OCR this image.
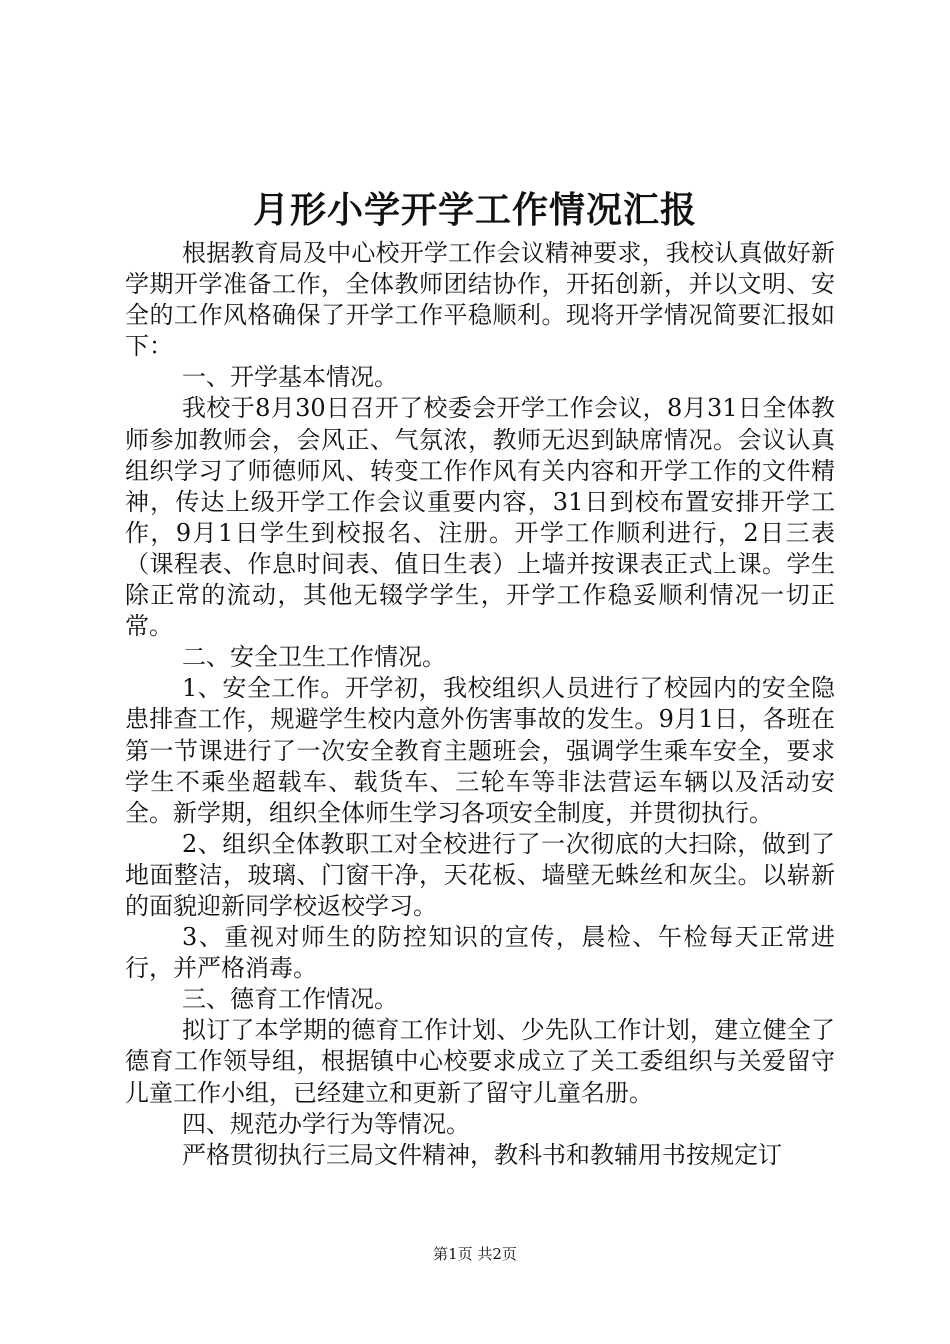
月形小学开学工作情况汇报

根据教育局及中心校开学工作会议精神要求，我校认真做好新学期开学准备工作，全体教师团结协作，开拓创新，并以文明、安全的工作风格确保了开学工作平稳顺利。现将开学情况简要汇报如下：

一、开学基本情况。

我校于8月30日召开了校委会开学工作会议，8月31日全体教师参加教师会，会风正、气氛浓，教师无迟到缺席情况。会议认真组织学习了师德师风、转变工作作风有关内容和开学工作的文件精神，传达上级开学工作会议重要内容，31日到校布置安排开学工作，9月1日学生到校报名、注册。开学工作顺利进行，2日三表（课程表、作息时间表、值日生表）上墙并按课表正式上课。学生除正常的流动，其他无辍学学生，开学工作稳妥顺利情况一切正常。

二、安全卫生工作情况。

1、安全工作。开学初，我校组织人员进行了校园内的安全隐患排查工作，规避学生校内意外伤害事故的发生。9月1日，各班在第一节课进行了一次安全教育主题班会，强调学生乘车安全，要求学生不乘坐超载车、载货车、三轮车等非法营运车辆以及活动安全。新学期，组织全体师生学习各项安全制度，并贯彻执行。

2、组织全体教职工对全校进行了一次彻底的大扫除，做到了地面整洁，玻璃、门窗干净，天花板、墙壁无蛛丝和灰尘。以崭新的面貌迎新同学校返校学习。

3、重视对师生的防控知识的宣传，晨检、午检每天正常进行，并严格消毒。

三、德育工作情况。

拟订了本学期的德育工作计划、少先队工作计划，建立健全了德育工作领导组，根据镇中心校要求成立了关工委组织与关爱留守儿童工作小组，已经建立和更新了留守儿童名册。

四、规范办学行为等情况。

严格贯彻执行三局文件精神，教科书和教辅用书按规定订

第1页 共2页
